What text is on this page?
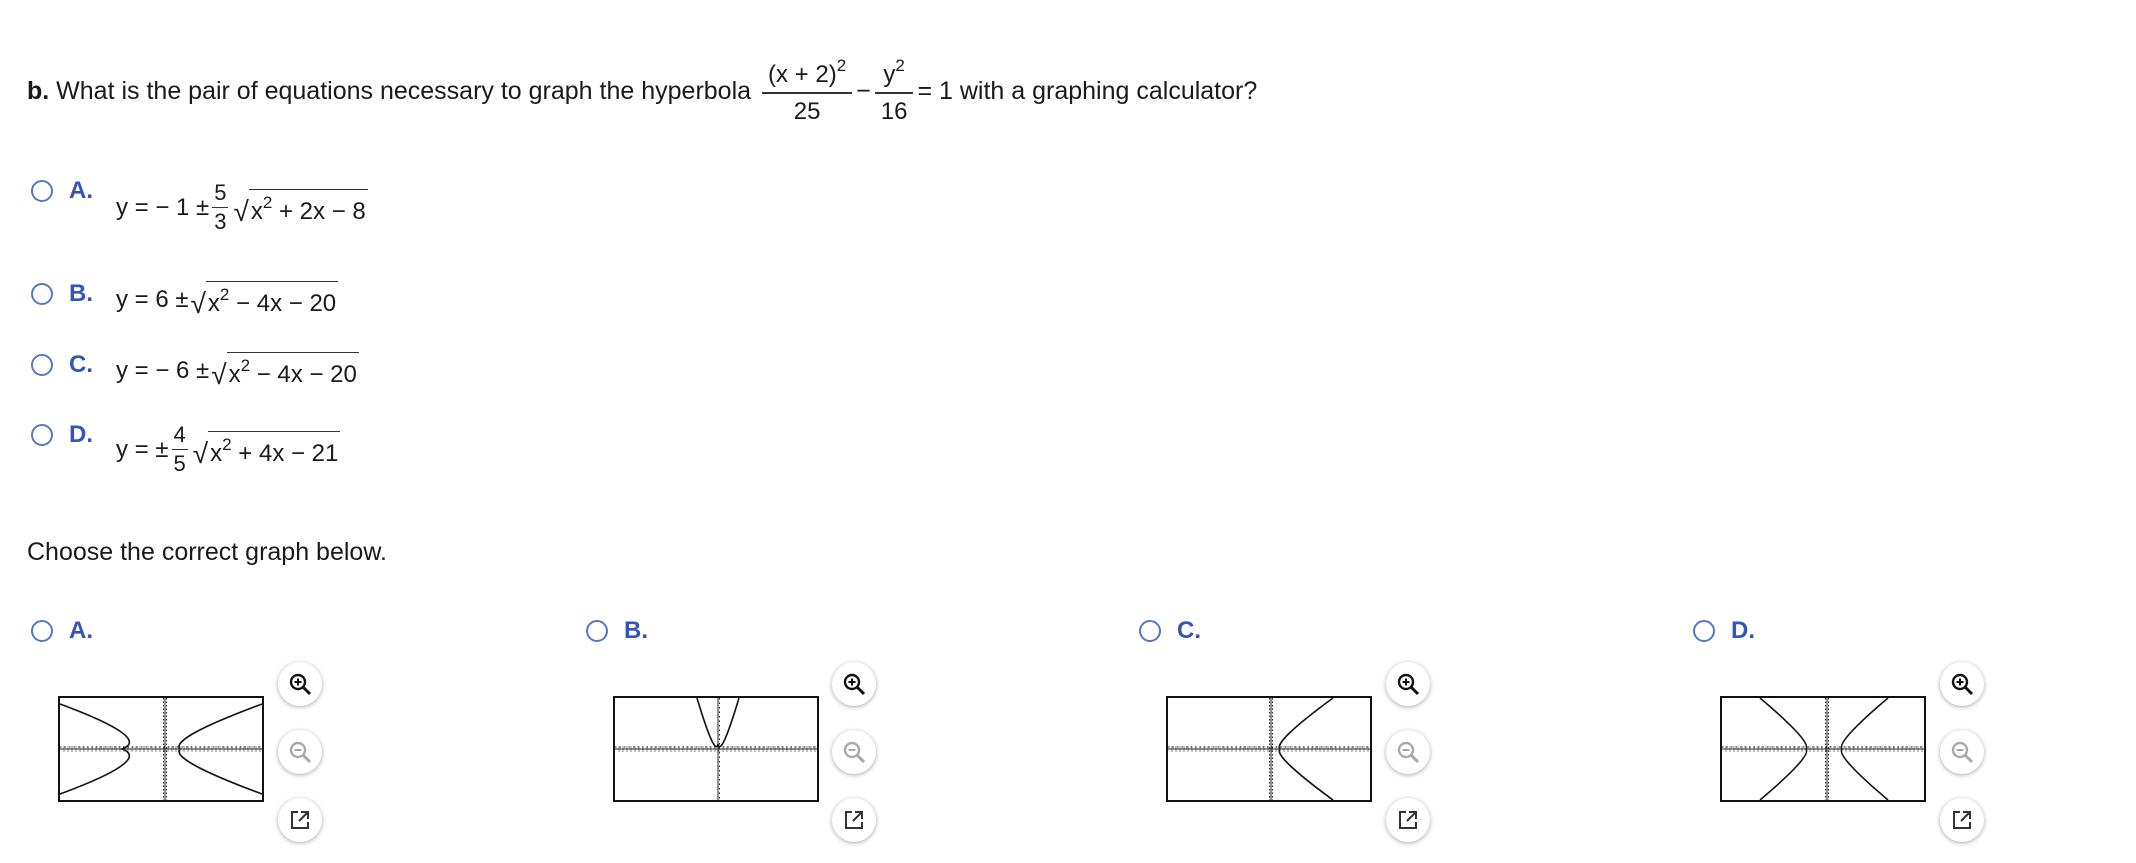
b.
What is the pair of equations necessary to graph the hyperbola
$\frac{(x + 2)^2}{25} - \frac{y^2}{16} = 1$ with a graphing calculator?
A.
y = − $1 \pm \frac{5}{3}$ √ $x^2 + 2x - 8$
B. y = 6 ± √ $x^2 - 4x - 20$
C. y = − 6 ± √ $x^2 - 4x - 20$
D.
y = ± $\frac{4}{5}$ √ $x^2 + 4x - 21$
Choose the correct graph below.
A.	B.	C.	D.
